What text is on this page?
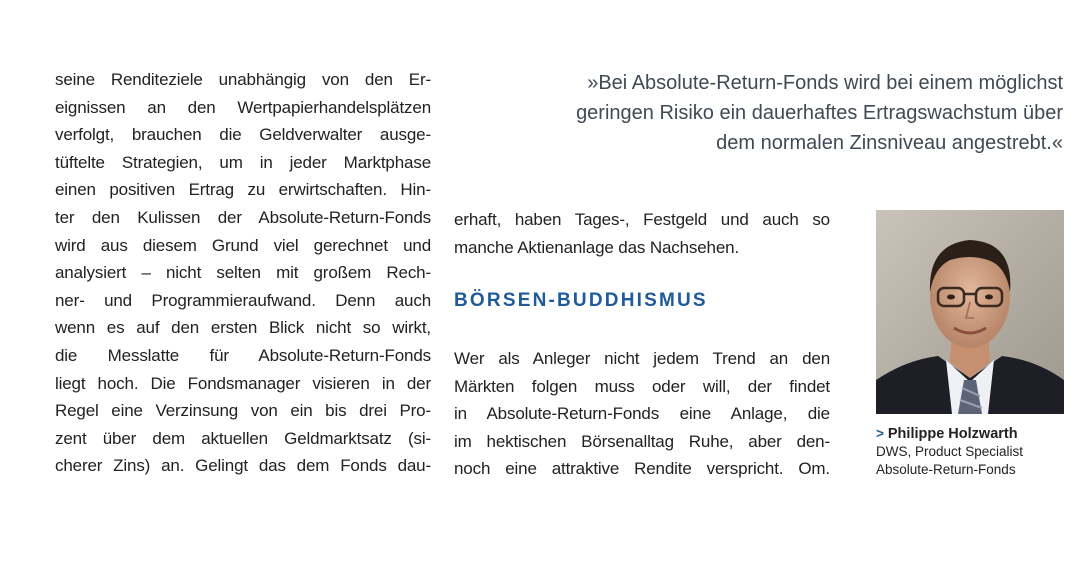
seine Renditeziele unabhängig von den Er-
eignissen an den Wertpapierhandelsplätzen
verfolgt, brauchen die Geldverwalter ausge-
tüftelte Strategien, um in jeder Marktphase
einen positiven Ertrag zu erwirtschaften. Hin-
ter den Kulissen der Absolute-Return-Fonds
wird aus diesem Grund viel gerechnet und
analysiert – nicht selten mit großem Rech-
ner- und Programmieraufwand. Denn auch
wenn es auf den ersten Blick nicht so wirkt,
die Messlatte für Absolute-Return-Fonds
liegt hoch. Die Fondsmanager visieren in der
Regel eine Verzinsung von ein bis drei Pro-
zent über dem aktuellen Geldmarktsatz (si-
cherer Zins) an. Gelingt das dem Fonds dau-
»Bei Absolute-Return-Fonds wird bei einem möglichst
geringen Risiko ein dauerhaftes Ertragswachstum über
dem normalen Zinsniveau angestrebt.«
erhaft, haben Tages-, Festgeld und auch so
manche Aktienanlage das Nachsehen.
BÖRSEN-BUDDHISMUS
Wer als Anleger nicht jedem Trend an den
Märkten folgen muss oder will, der findet
in Absolute-Return-Fonds eine Anlage, die
im hektischen Börsenalltag Ruhe, aber den-
noch eine attraktive Rendite verspricht. Om.
> Philippe Holzwarth
DWS, Product Specialist
Absolute-Return-Fonds
